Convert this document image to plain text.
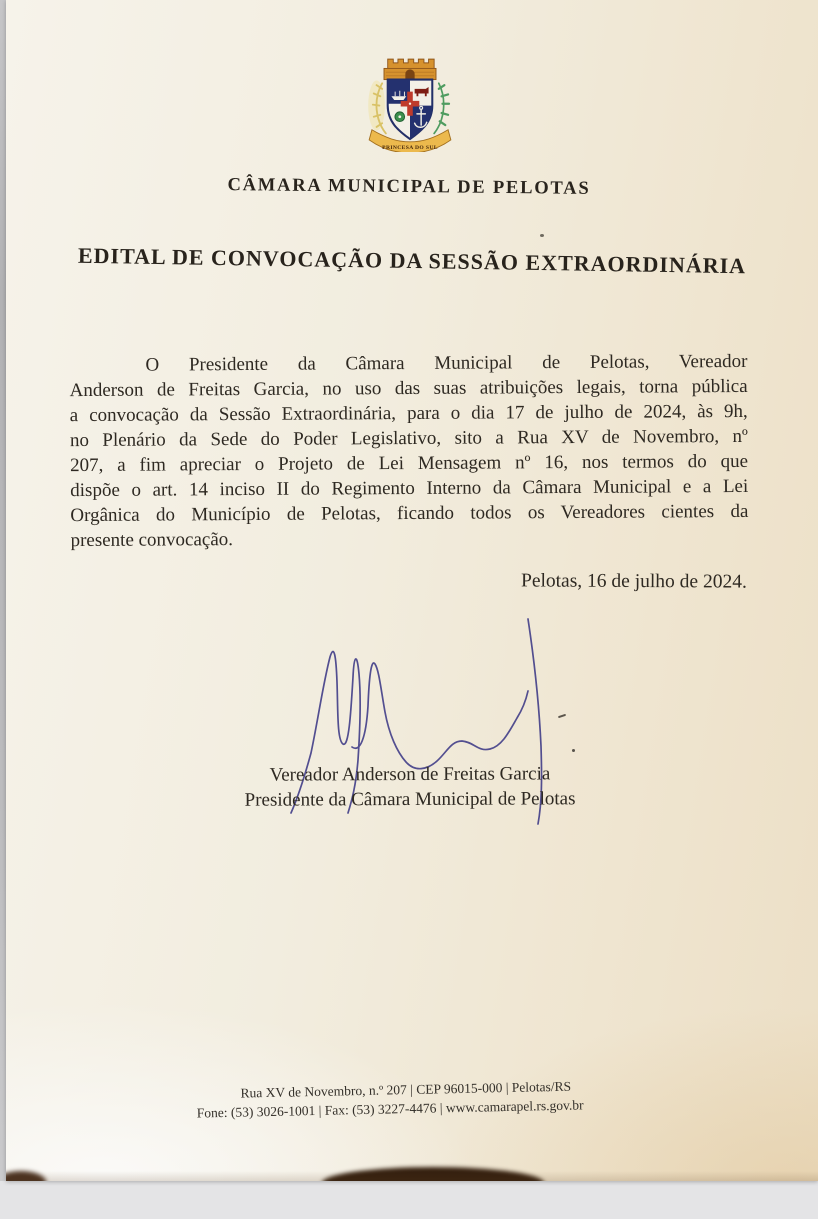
PRINCESA DO SUL
CÂMARA MUNICIPAL DE PELOTAS
EDITAL DE CONVOCAÇÃO DA SESSÃO EXTRAORDINÁRIA
O Presidente da Câmara Municipal de Pelotas, Vereador
Anderson de Freitas Garcia, no uso das suas atribuições legais, torna pública
a convocação da Sessão Extraordinária, para o dia 17 de julho de 2024, às 9h,
no Plenário da Sede do Poder Legislativo, sito a Rua XV de Novembro, nº
207, a fim apreciar o Projeto de Lei Mensagem nº 16, nos termos do que
dispõe o art. 14 inciso II do Regimento Interno da Câmara Municipal e a Lei
Orgânica do Município de Pelotas, ficando todos os Vereadores cientes da
presente convocação.
Pelotas, 16 de julho de 2024.
Vereador Anderson de Freitas Garcia
Presidente da Câmara Municipal de Pelotas
Rua XV de Novembro, n.º 207 | CEP 96015-000 | Pelotas/RS
Fone: (53) 3026-1001 | Fax: (53) 3227-4476 | www.camarapel.rs.gov.br
